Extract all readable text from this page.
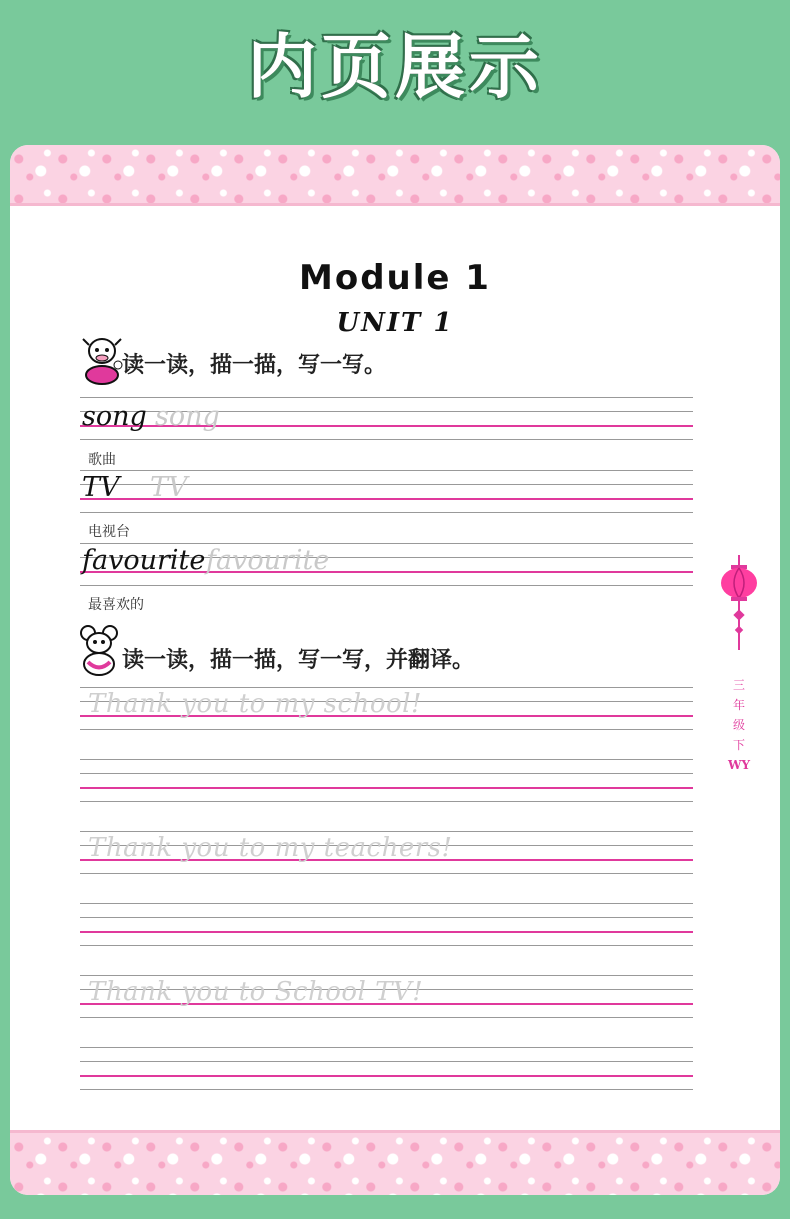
内页展示
Module 1
UNIT 1
读一读，描一描，写一写。
song song
歌曲
TV TV
电视台
favourite favourite
最喜欢的
读一读，描一描，写一写，并翻译。
Thank you to my school!
Thank you to my teachers!
Thank you to School TV!
三
年
级
下
WY
